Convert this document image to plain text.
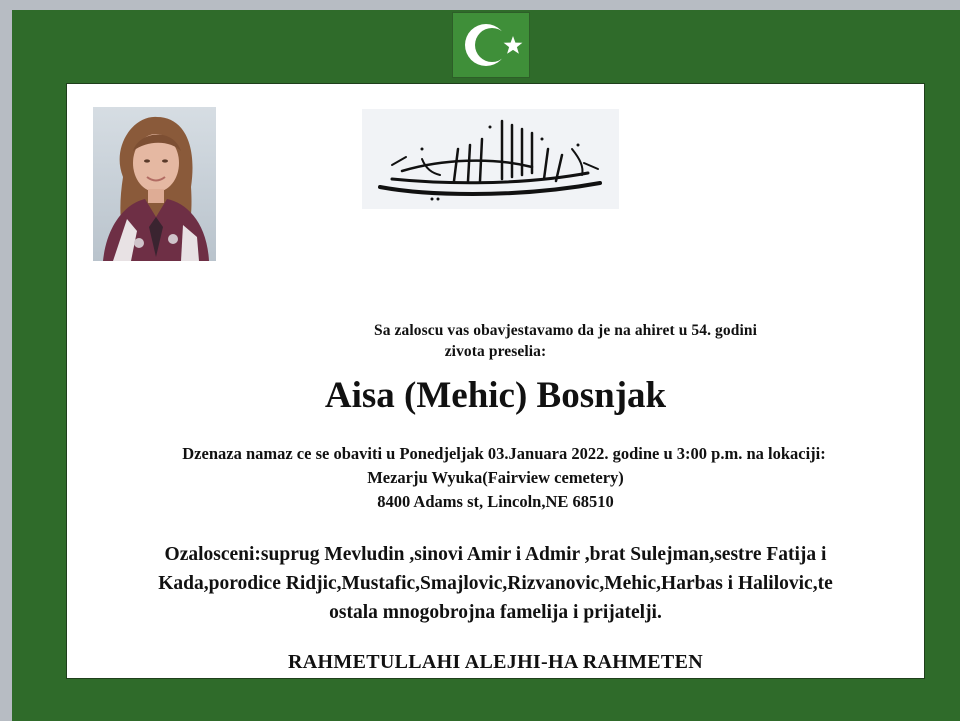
Sa zaloscu vas obavjestavamo da je na ahiret u 54. godini
zivota preselia:
Aisa (Mehic) Bosnjak
Dzenaza namaz ce se obaviti u Ponedjeljak 03.Januara 2022. godine u 3:00 p.m. na lokaciji:
Mezarju Wyuka(Fairview cemetery)
8400 Adams st, Lincoln,NE 68510
Ozalosceni:suprug Mevludin ,sinovi Amir i Admir ,brat Sulejman,sestre Fatija i
Kada,porodice Ridjic,Mustafic,Smajlovic,Rizvanovic,Mehic,Harbas i Halilovic,te
ostala mnogobrojna famelija i prijatelji.
RAHMETULLAHI ALEJHI-HA RAHMETEN
